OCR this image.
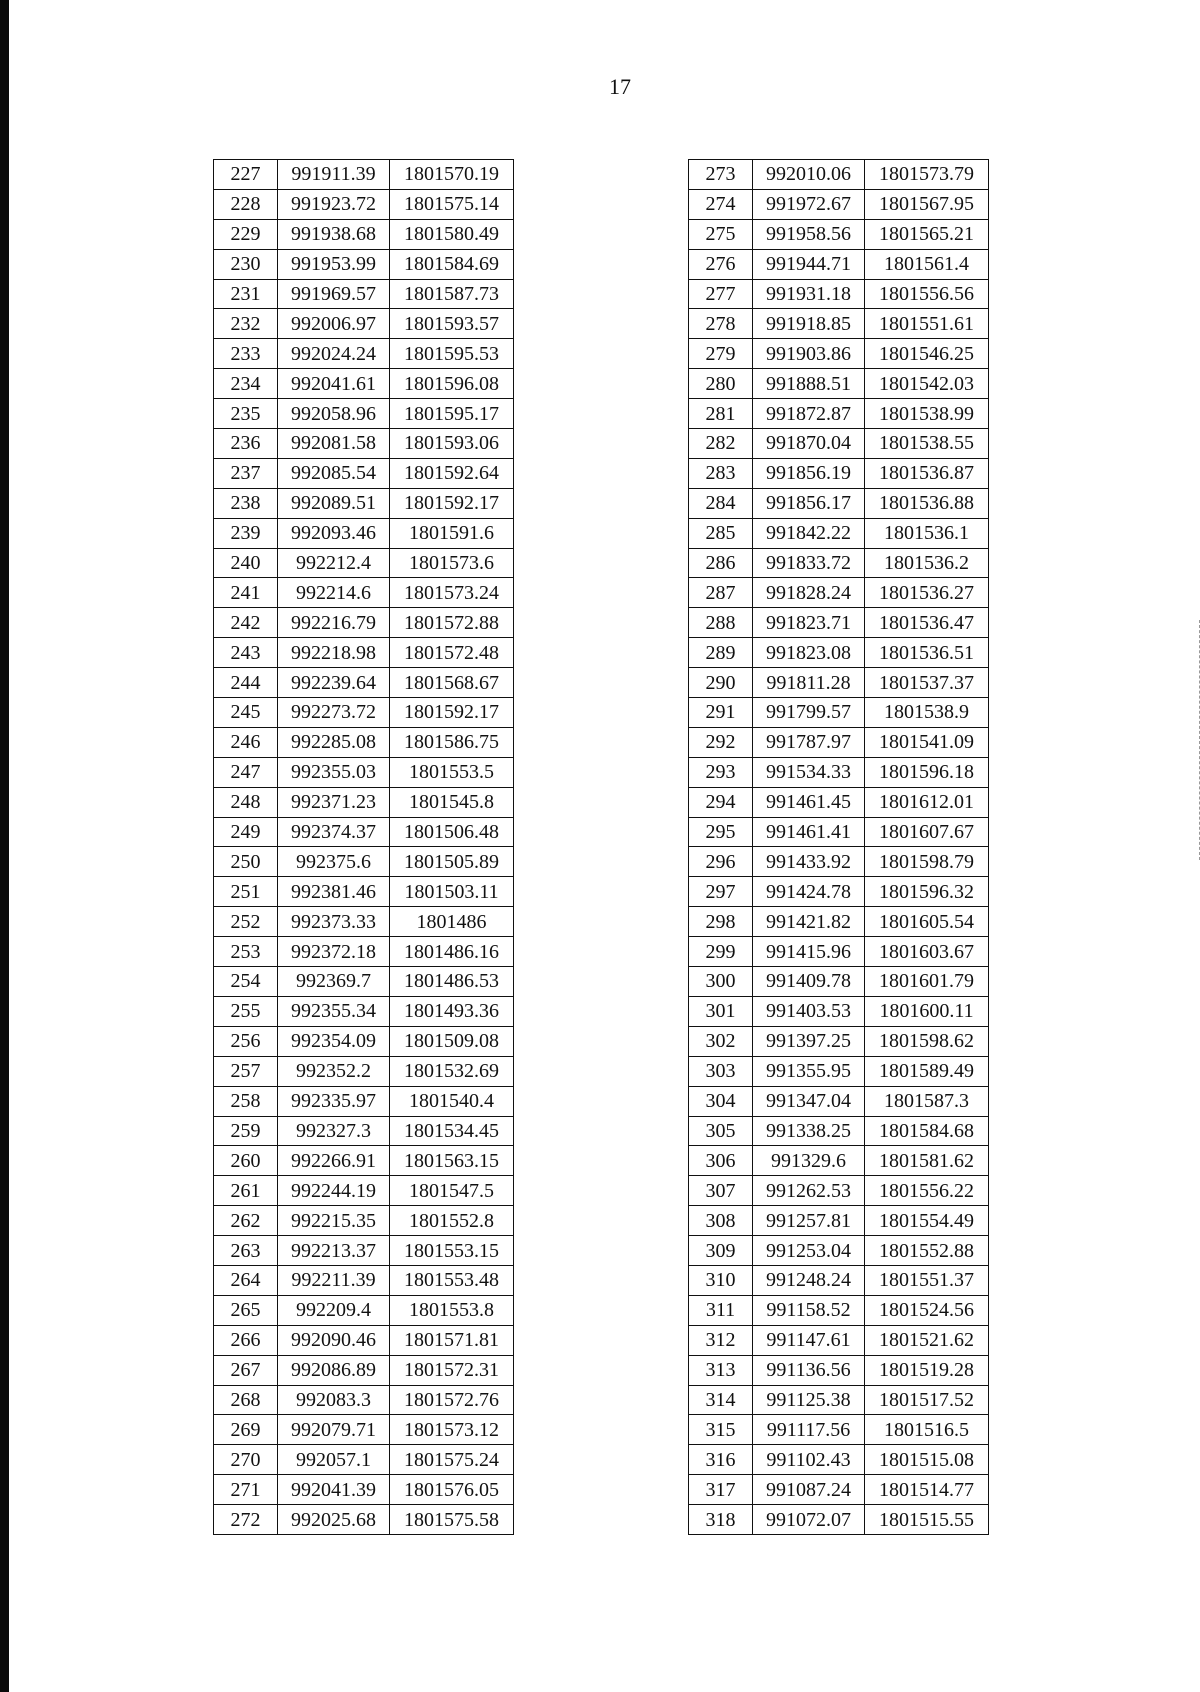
17
227	991911.39	1801570.19
228	991923.72	1801575.14
229	991938.68	1801580.49
230	991953.99	1801584.69
231	991969.57	1801587.73
232	992006.97	1801593.57
233	992024.24	1801595.53
234	992041.61	1801596.08
235	992058.96	1801595.17
236	992081.58	1801593.06
237	992085.54	1801592.64
238	992089.51	1801592.17
239	992093.46	1801591.6
240	992212.4	1801573.6
241	992214.6	1801573.24
242	992216.79	1801572.88
243	992218.98	1801572.48
244	992239.64	1801568.67
245	992273.72	1801592.17
246	992285.08	1801586.75
247	992355.03	1801553.5
248	992371.23	1801545.8
249	992374.37	1801506.48
250	992375.6	1801505.89
251	992381.46	1801503.11
252	992373.33	1801486
253	992372.18	1801486.16
254	992369.7	1801486.53
255	992355.34	1801493.36
256	992354.09	1801509.08
257	992352.2	1801532.69
258	992335.97	1801540.4
259	992327.3	1801534.45
260	992266.91	1801563.15
261	992244.19	1801547.5
262	992215.35	1801552.8
263	992213.37	1801553.15
264	992211.39	1801553.48
265	992209.4	1801553.8
266	992090.46	1801571.81
267	992086.89	1801572.31
268	992083.3	1801572.76
269	992079.71	1801573.12
270	992057.1	1801575.24
271	992041.39	1801576.05
272	992025.68	1801575.58
273	992010.06	1801573.79
274	991972.67	1801567.95
275	991958.56	1801565.21
276	991944.71	1801561.4
277	991931.18	1801556.56
278	991918.85	1801551.61
279	991903.86	1801546.25
280	991888.51	1801542.03
281	991872.87	1801538.99
282	991870.04	1801538.55
283	991856.19	1801536.87
284	991856.17	1801536.88
285	991842.22	1801536.1
286	991833.72	1801536.2
287	991828.24	1801536.27
288	991823.71	1801536.47
289	991823.08	1801536.51
290	991811.28	1801537.37
291	991799.57	1801538.9
292	991787.97	1801541.09
293	991534.33	1801596.18
294	991461.45	1801612.01
295	991461.41	1801607.67
296	991433.92	1801598.79
297	991424.78	1801596.32
298	991421.82	1801605.54
299	991415.96	1801603.67
300	991409.78	1801601.79
301	991403.53	1801600.11
302	991397.25	1801598.62
303	991355.95	1801589.49
304	991347.04	1801587.3
305	991338.25	1801584.68
306	991329.6	1801581.62
307	991262.53	1801556.22
308	991257.81	1801554.49
309	991253.04	1801552.88
310	991248.24	1801551.37
311	991158.52	1801524.56
312	991147.61	1801521.62
313	991136.56	1801519.28
314	991125.38	1801517.52
315	991117.56	1801516.5
316	991102.43	1801515.08
317	991087.24	1801514.77
318	991072.07	1801515.55
